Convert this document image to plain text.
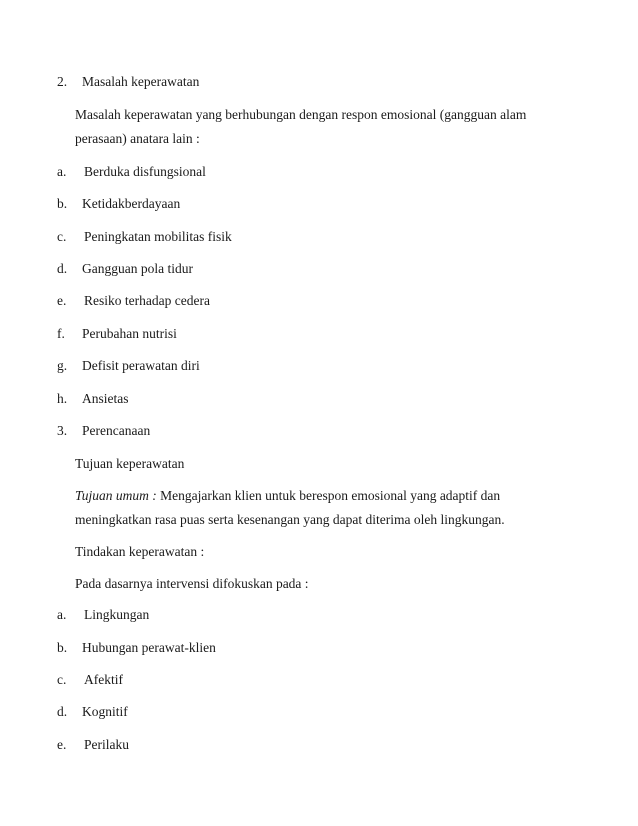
2. Masalah keperawatan
Masalah keperawatan yang berhubungan dengan respon emosional (gangguan alam
perasaan) anatara lain :
a. Berduka disfungsional
b. Ketidakberdayaan
c. Peningkatan mobilitas fisik
d. Gangguan pola tidur
e. Resiko terhadap cedera
f. Perubahan nutrisi
g. Defisit perawatan diri
h. Ansietas
3. Perencanaan
Tujuan keperawatan
Tujuan umum : Mengajarkan klien untuk berespon emosional yang adaptif dan
meningkatkan rasa puas serta kesenangan yang dapat diterima oleh lingkungan.
Tindakan keperawatan :
Pada dasarnya intervensi difokuskan pada :
a. Lingkungan
b. Hubungan perawat-klien
c. Afektif
d. Kognitif
e. Perilaku
